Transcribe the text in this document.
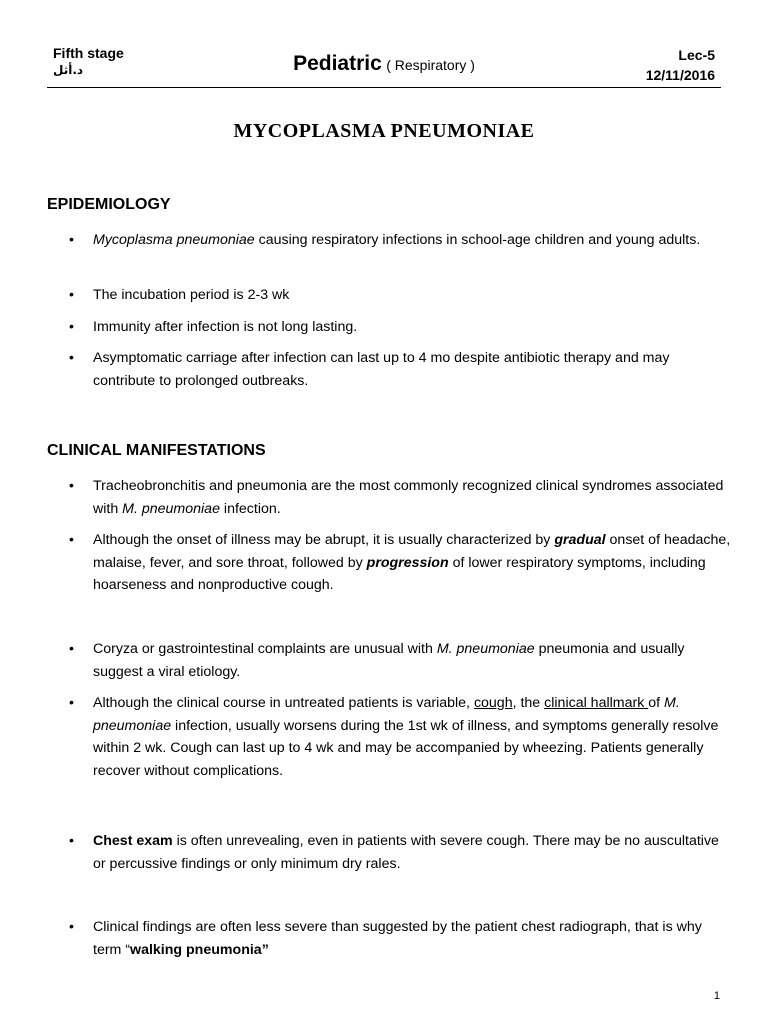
Fifth stage
د.أثل	Pediatric ( Respiratory )
Lec-5
12/11/2016
MYCOPLASMA PNEUMONIAE
EPIDEMIOLOGY
• Mycoplasma pneumoniae causing respiratory infections in school-age children and young adults.
• The incubation period is 2-3 wk
• Immunity after infection is not long lasting.
• Asymptomatic carriage after infection can last up to 4 mo despite antibiotic therapy and may contribute to prolonged outbreaks.
CLINICAL MANIFESTATIONS
• Tracheobronchitis and pneumonia are the most commonly recognized clinical syndromes associated with M. pneumoniae infection.
• Although the onset of illness may be abrupt, it is usually characterized by gradual onset of headache, malaise, fever, and sore throat, followed by progression of lower respiratory symptoms, including hoarseness and nonproductive cough.
• Coryza or gastrointestinal complaints are unusual with M. pneumoniae pneumonia and usually suggest a viral etiology.
• Although the clinical course in untreated patients is variable, cough, the clinical hallmark of M. pneumoniae infection, usually worsens during the 1st wk of illness, and symptoms generally resolve within 2 wk. Cough can last up to 4 wk and may be accompanied by wheezing. Patients generally recover without complications.
• Chest exam is often unrevealing, even in patients with severe cough. There may be no auscultative or percussive findings or only minimum dry rales.
• Clinical findings are often less severe than suggested by the patient chest radiograph, that is why term “walking pneumonia”
1
